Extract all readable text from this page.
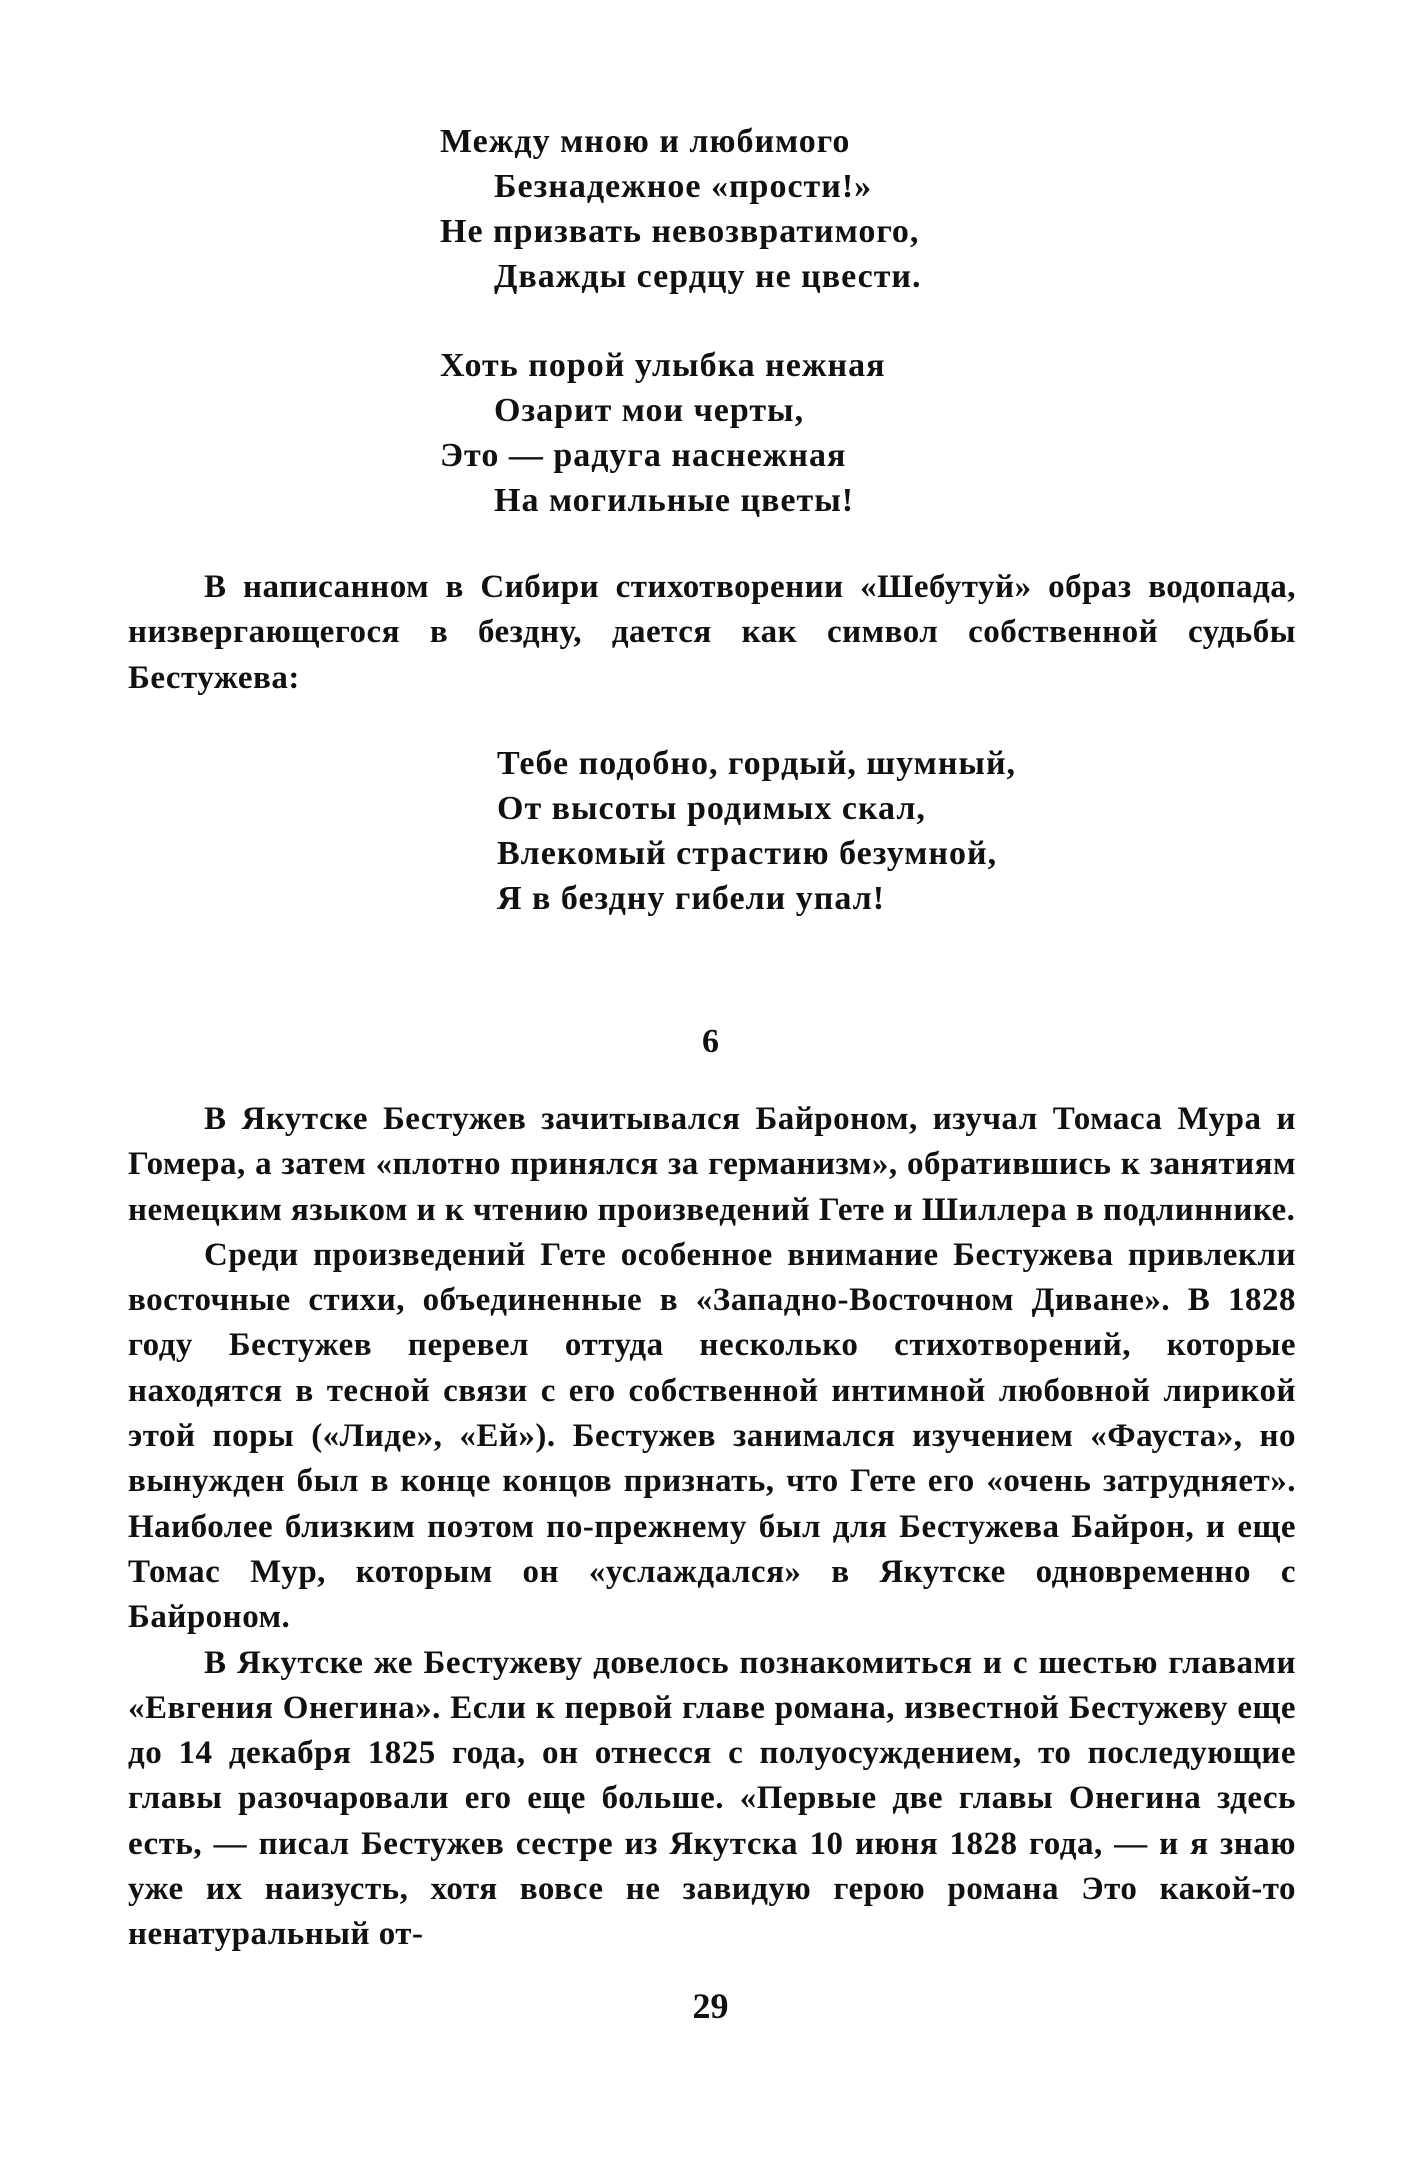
Между мною и любимого
Безнадежное «прости!»
Не призвать невозвратимого,
Дважды сердцу не цвести.
Хоть порой улыбка нежная
Озарит мои черты,
Это — радуга наснежная
На могильные цветы!

В написанном в Сибири стихотворении «Шебутуй» образ водопада, низвергающегося в бездну, дается как символ собственной судьбы Бестужева:

Тебе подобно, гордый, шумный,
От высоты родимых скал,
Влекомый страстию безумной,
Я в бездну гибели упал!
6

В Якутске Бестужев зачитывался Байроном, изучал Томаса Мура и Гомера, а затем «плотно принялся за германизм», обратившись к занятиям немецким языком и к чтению произведений Гете и Шиллера в подлиннике.

Среди произведений Гете особенное внимание Бестужева привлекли восточные стихи, объединенные в «Западно-Восточном Диване». В 1828 году Бестужев перевел оттуда несколько стихотворений, которые находятся в тесной связи с его собственной интимной любовной лирикой этой поры («Лиде», «Ей»). Бестужев занимался изучением «Фауста», но вынужден был в конце концов признать, что Гете его «очень затрудняет». Наиболее близким поэтом по-прежнему был для Бестужева Байрон, и еще Томас Мур, которым он «услаждался» в Якутске одновременно с Байроном.

В Якутске же Бестужеву довелось познакомиться и с шестью главами «Евгения Онегина». Если к первой главе романа, известной Бестужеву еще до 14 декабря 1825 года, он отнесся с полуосуждением, то последующие главы разочаровали его еще больше. «Первые две главы Онегина здесь есть, — писал Бестужев сестре из Якутска 10 июня 1828 года, — и я знаю уже их наизусть, хотя вовсе не завидую герою романа Это какой-то ненатуральный от-

29
